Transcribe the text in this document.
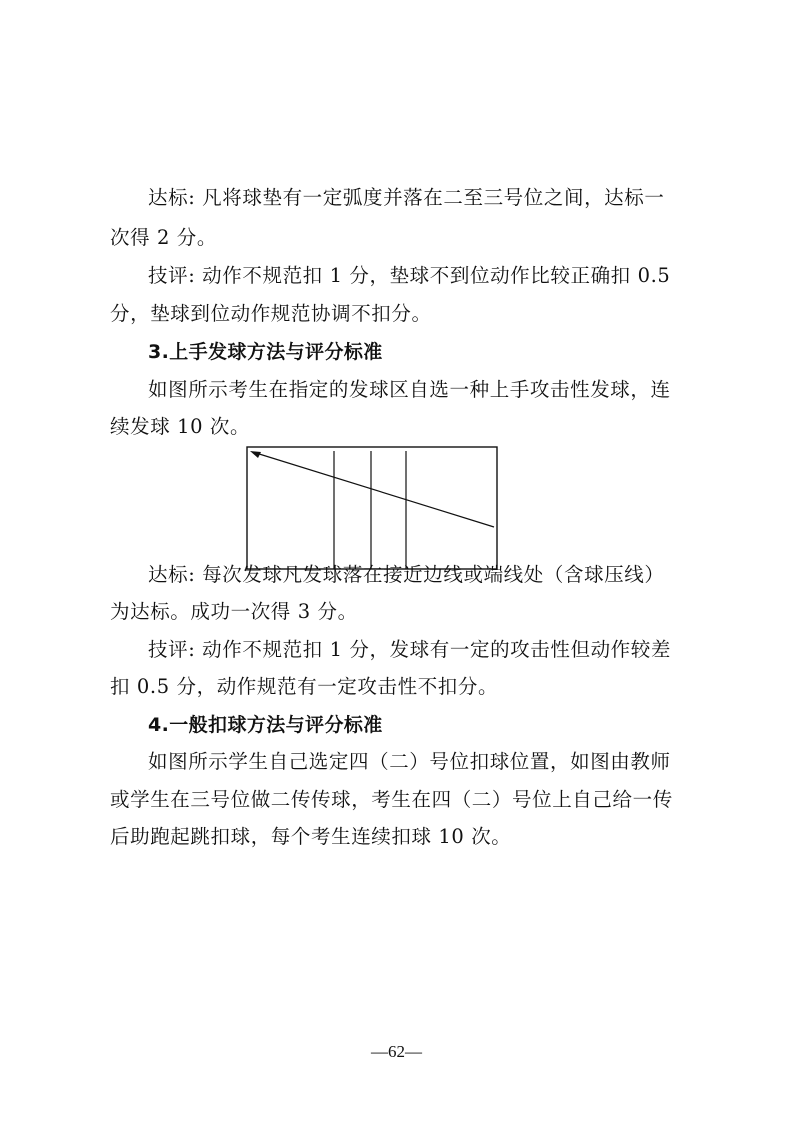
达标: 凡将球垫有一定弧度并落在二至三号位之间，达标一
次得 2 分。
技评: 动作不规范扣 1 分，垫球不到位动作比较正确扣 0.5
分，垫球到位动作规范协调不扣分。
3.上手发球方法与评分标准
如图所示考生在指定的发球区自选一种上手攻击性发球，连
续发球 10 次。
达标: 每次发球凡发球落在接近边线或端线处（含球压线）
为达标。成功一次得 3 分。
技评: 动作不规范扣 1 分，发球有一定的攻击性但动作较差
扣 0.5 分，动作规范有一定攻击性不扣分。
4.一般扣球方法与评分标准
如图所示学生自己选定四（二）号位扣球位置，如图由教师
或学生在三号位做二传传球，考生在四（二）号位上自己给一传
后助跑起跳扣球，每个考生连续扣球 10 次。
—62—
